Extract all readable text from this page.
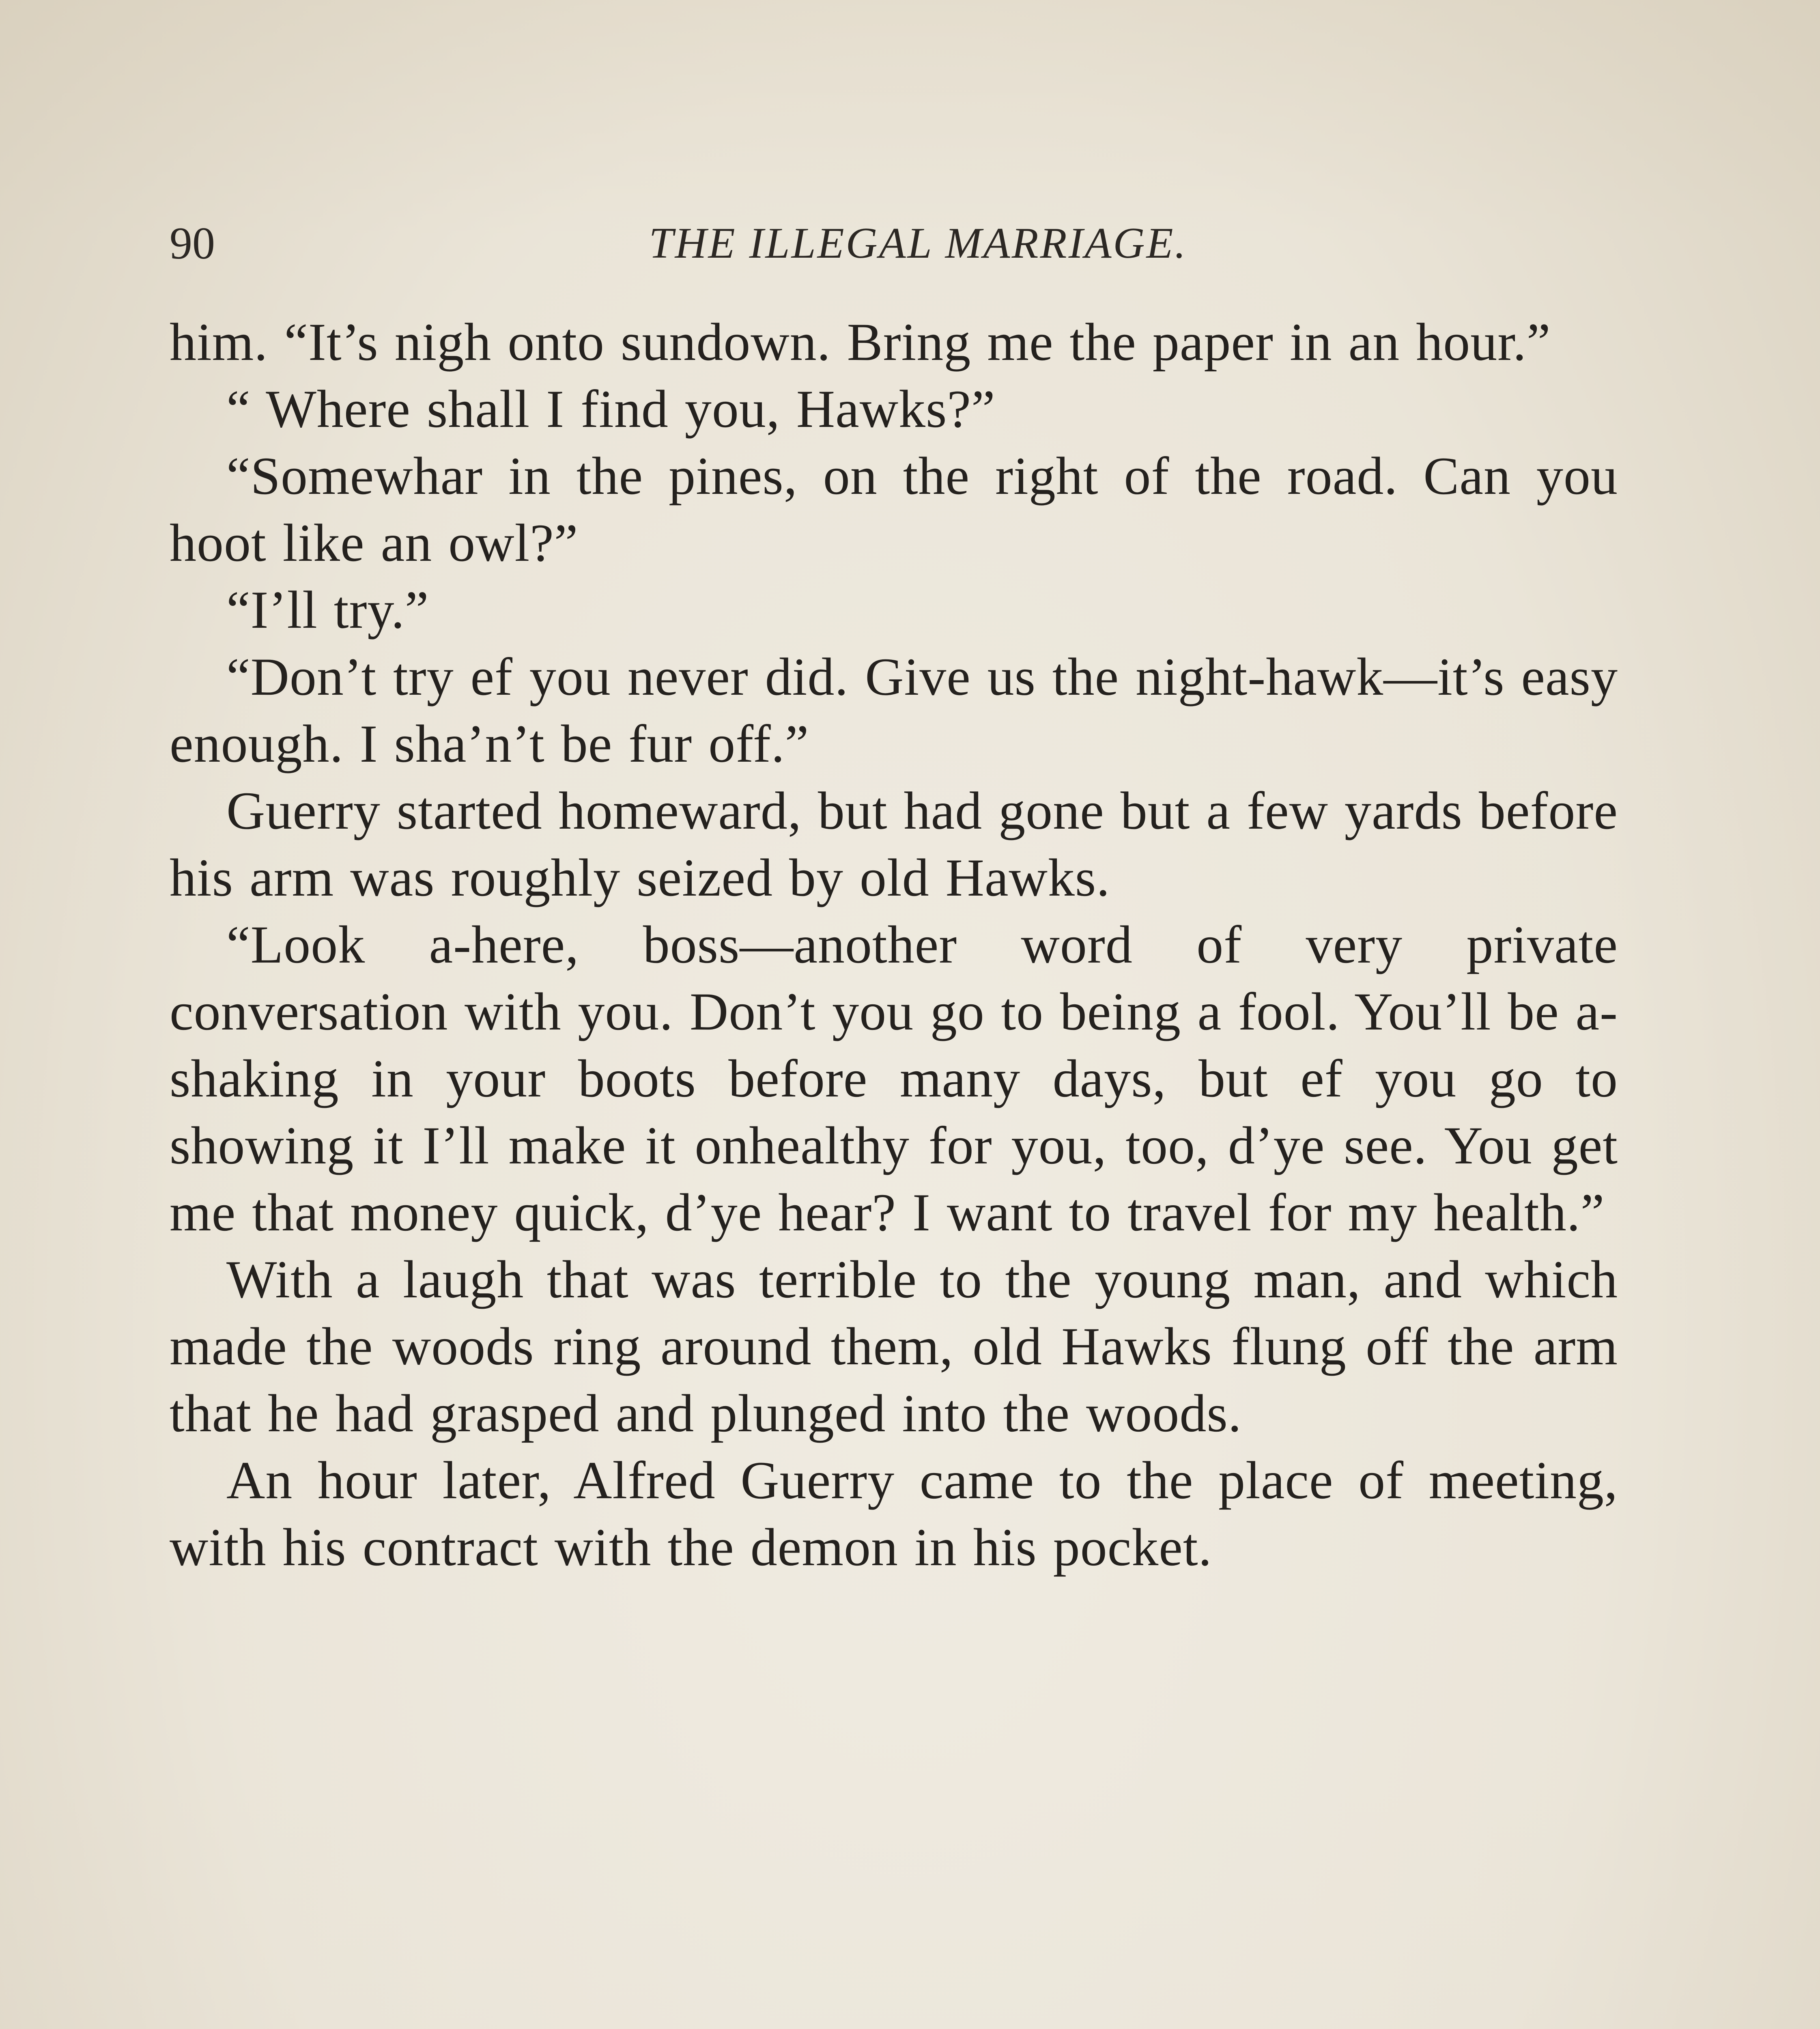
90	THE ILLEGAL MARRIAGE.

him. “It’s nigh onto sundown. Bring me the paper in an hour.”

“ Where shall I find you, Hawks?”

“Somewhar in the pines, on the right of the road. Can you hoot like an owl?”

“I’ll try.”

“Don’t try ef you never did. Give us the night-hawk—it’s easy enough. I sha’n’t be fur off.”

Guerry started homeward, but had gone but a few yards before his arm was roughly seized by old Hawks.

“Look a-here, boss—another word of very private conversation with you. Don’t you go to being a fool. You’ll be a-shaking in your boots before many days, but ef you go to showing it I’ll make it onhealthy for you, too, d’ye see. You get me that money quick, d’ye hear? I want to travel for my health.”

With a laugh that was terrible to the young man, and which made the woods ring around them, old Hawks flung off the arm that he had grasped and plunged into the woods.

An hour later, Alfred Guerry came to the place of meeting, with his contract with the demon in his pocket.
